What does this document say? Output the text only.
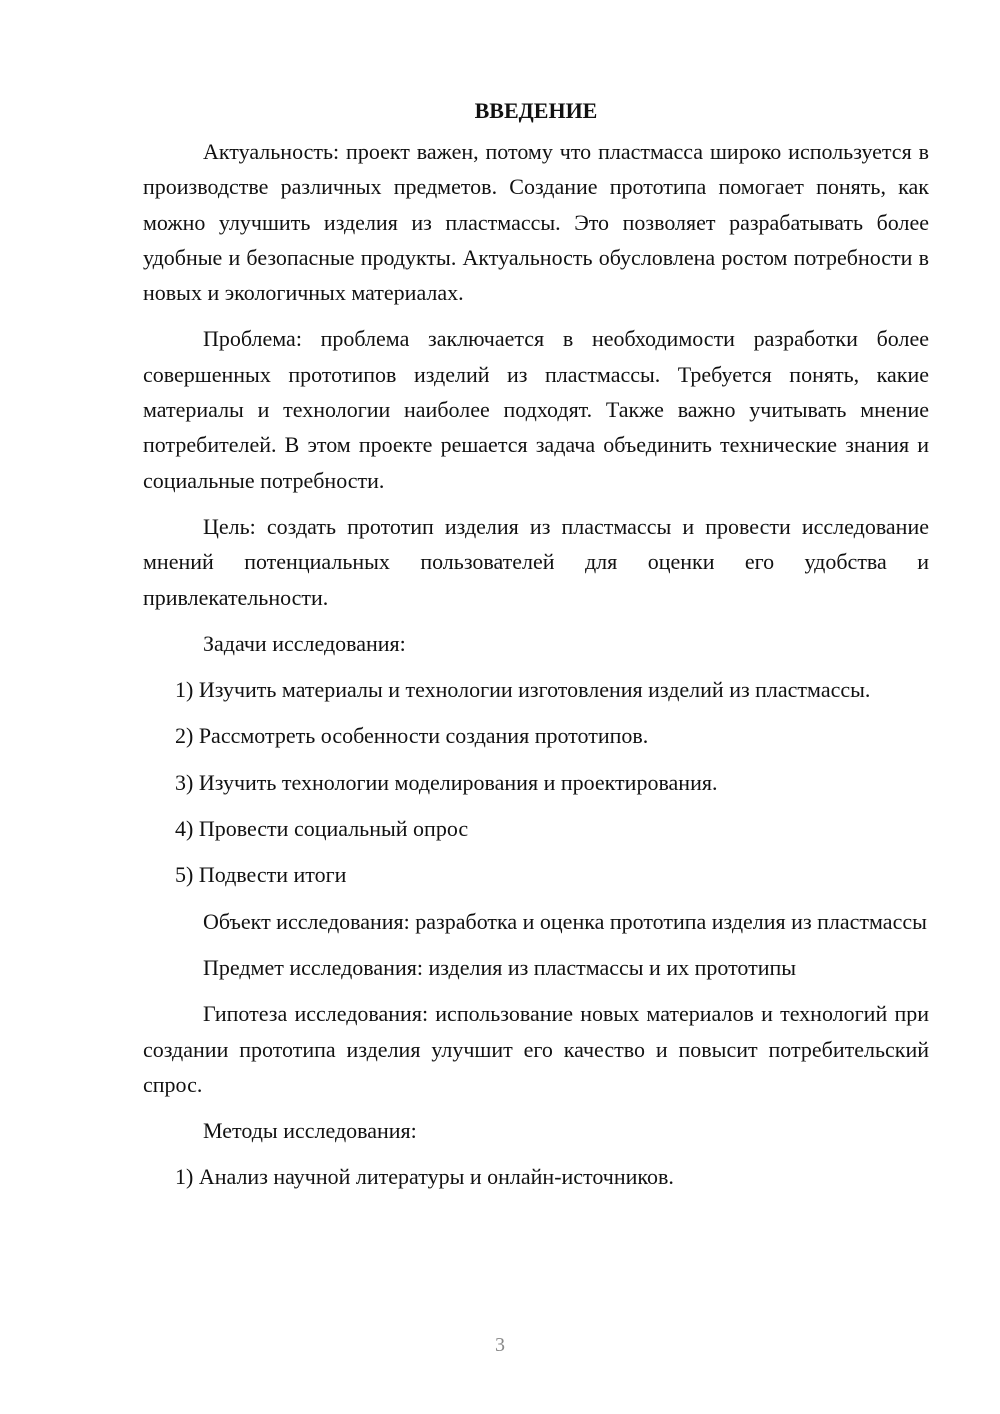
ВВЕДЕНИЕ

Актуальность: проект важен, потому что пластмасса широко используется в производстве различных предметов. Создание прототипа помогает понять, как можно улучшить изделия из пластмассы. Это позволяет разрабатывать более удобные и безопасные продукты. Актуальность обусловлена ростом потребности в новых и экологичных материалах.

Проблема: проблема заключается в необходимости разработки более совершенных прототипов изделий из пластмассы. Требуется понять, какие материалы и технологии наиболее подходят. Также важно учитывать мнение потребителей. В этом проекте решается задача объединить технические знания и социальные потребности.

Цель: создать прототип изделия из пластмассы и провести исследование мнений потенциальных пользователей для оценки его удобства и привлекательности.

Задачи исследования:

1) Изучить материалы и технологии изготовления изделий из пластмассы.

2) Рассмотреть особенности создания прототипов.

3) Изучить технологии моделирования и проектирования.

4) Провести социальный опрос

5) Подвести итоги

Объект исследования: разработка и оценка прототипа изделия из пластмассы

Предмет исследования: изделия из пластмассы и их прототипы

Гипотеза исследования: использование новых материалов и технологий при создании прототипа изделия улучшит его качество и повысит потребительский спрос.

Методы исследования:

1) Анализ научной литературы и онлайн-источников.

3
